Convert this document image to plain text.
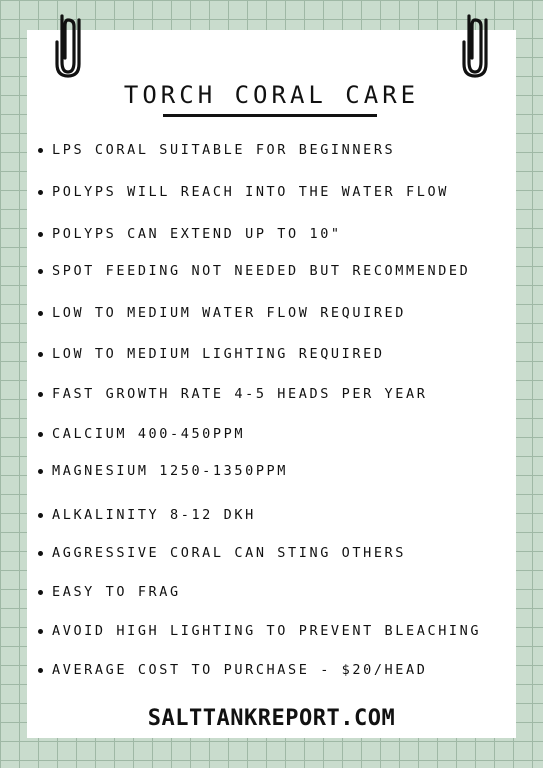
TORCH CORAL CARE
LPS CORAL SUITABLE FOR BEGINNERS
POLYPS WILL REACH INTO THE WATER FLOW
POLYPS CAN EXTEND UP TO 10"
SPOT FEEDING NOT NEEDED BUT RECOMMENDED
LOW TO MEDIUM WATER FLOW REQUIRED
LOW TO MEDIUM LIGHTING REQUIRED
FAST GROWTH RATE 4-5 HEADS PER YEAR
CALCIUM 400-450PPM
MAGNESIUM 1250-1350PPM
ALKALINITY 8-12 DKH
AGGRESSIVE CORAL CAN STING OTHERS
EASY TO FRAG
AVOID HIGH LIGHTING TO PREVENT BLEACHING
AVERAGE COST TO PURCHASE - $20/HEAD
SALTTANKREPORT.COM
